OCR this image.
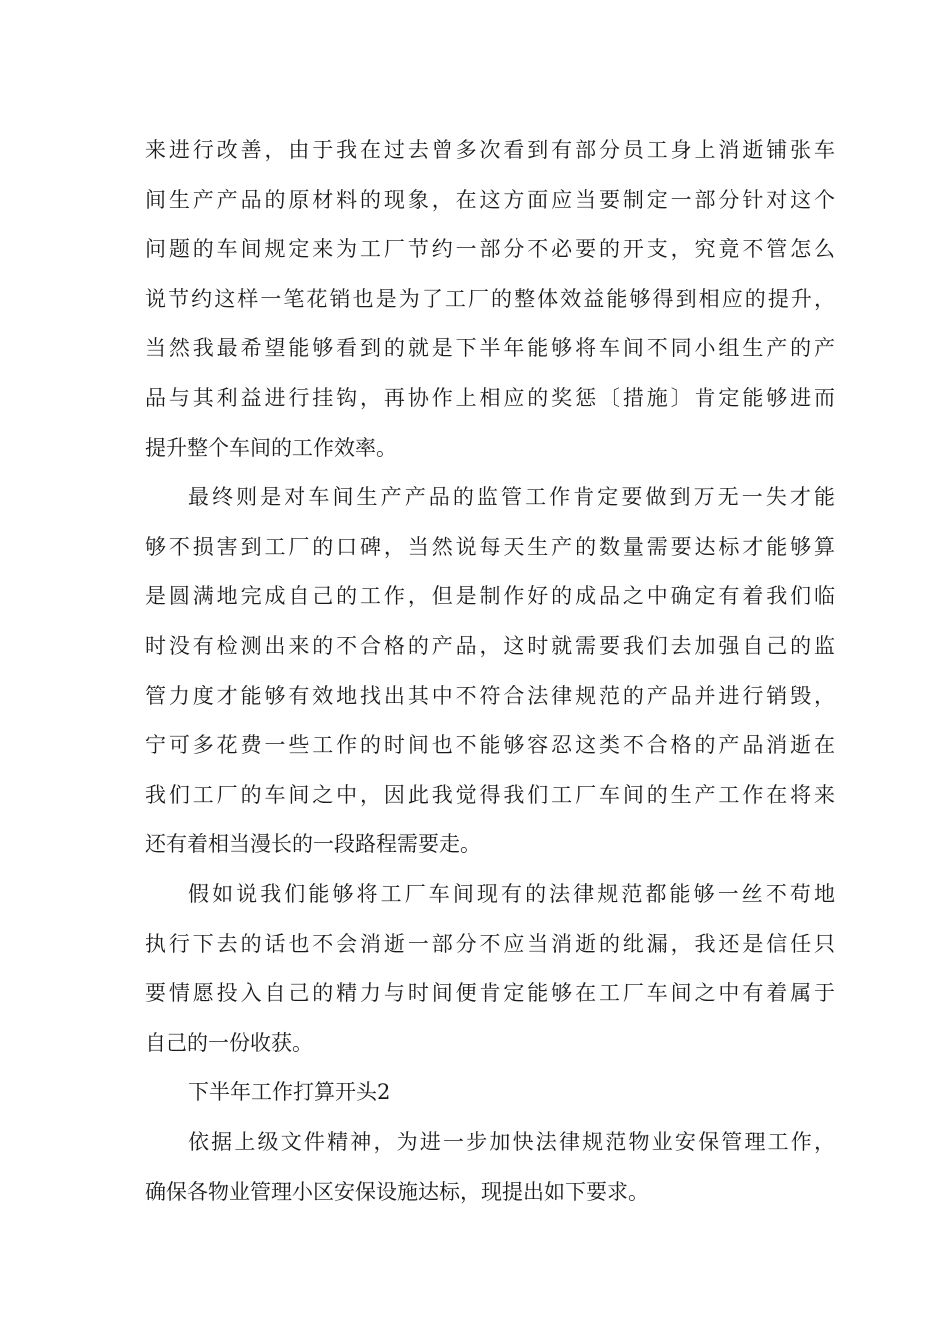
来进行改善，由于我在过去曾多次看到有部分员工身上消逝铺张车
间生产产品的原材料的现象，在这方面应当要制定一部分针对这个
问题的车间规定来为工厂节约一部分不必要的开支，究竟不管怎么
说节约这样一笔花销也是为了工厂的整体效益能够得到相应的提升，
当然我最希望能够看到的就是下半年能够将车间不同小组生产的产
品与其利益进行挂钩，再协作上相应的奖惩〔措施〕肯定能够进而
提升整个车间的工作效率。
最终则是对车间生产产品的监管工作肯定要做到万无一失才能
够不损害到工厂的口碑，当然说每天生产的数量需要达标才能够算
是圆满地完成自己的工作，但是制作好的成品之中确定有着我们临
时没有检测出来的不合格的产品，这时就需要我们去加强自己的监
管力度才能够有效地找出其中不符合法律规范的产品并进行销毁，
宁可多花费一些工作的时间也不能够容忍这类不合格的产品消逝在
我们工厂的车间之中，因此我觉得我们工厂车间的生产工作在将来
还有着相当漫长的一段路程需要走。
假如说我们能够将工厂车间现有的法律规范都能够一丝不苟地
执行下去的话也不会消逝一部分不应当消逝的纰漏，我还是信任只
要情愿投入自己的精力与时间便肯定能够在工厂车间之中有着属于
自己的一份收获。
下半年工作打算开头2
依据上级文件精神，为进一步加快法律规范物业安保管理工作，
确保各物业管理小区安保设施达标，现提出如下要求。
